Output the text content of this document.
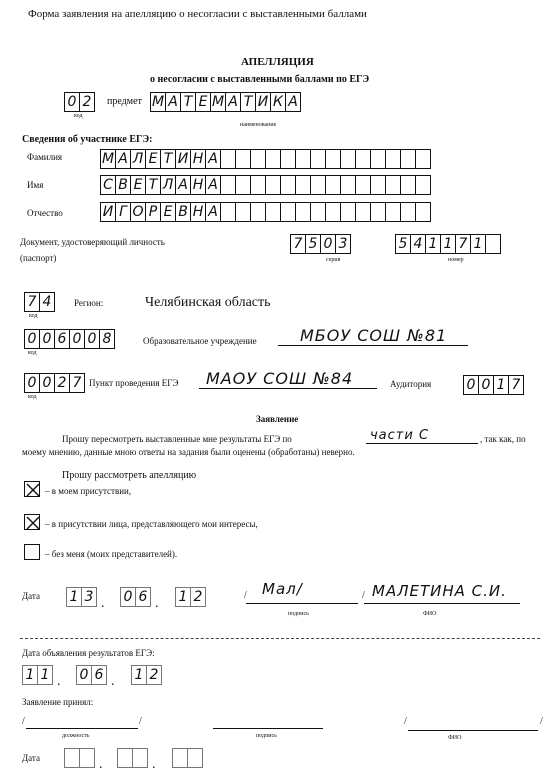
Форма заявления на апелляцию о несогласии с выставленными баллами
АПЕЛЛЯЦИЯ
о несогласии с выставленными баллами по ЕГЭ
0 2
код
предмет М А Т Е М А Т И К А
наименование
Сведения об участнике ЕГЭ:
Фамилия	М А Л Е Т И Н А
Имя	С В Е Т Л А Н А
Отчество	И Г О Р Е В Н А
Документ, удостоверяющий личность
(паспорт)
7 5 0 3
серия
5 4 1 1 7 1
номер
7 4
код
Регион:	Челябинская область
0 0 6 0 0 8
код
Образовательное учреждение	МБОУ СОШ №81
0 0 2 7
код
Пункт проведения ЕГЭ МАОУ СОШ №84	Аудитория	0 0 1 7
Заявление
Прошу пересмотреть выставленные мне результаты ЕГЭ по	части С	, так как, по
моему мнению, данные мною ответы на задания были оценены (обработаны) неверно.
Прошу рассмотреть апелляцию
– в моем присутствии,
– в присутствии лица, представляющего мои интересы,
– без меня (моих представителей).
Дата 1 3 . 0 6 . 1 2	/ Мал/
подпись
/ МАЛЕТИНА С.И.
ФИО
Дата объявления результатов ЕГЭ:
1 1 . 0 6 . 1 2
Заявление принял:
/	/
должность	подпись
/	/
ФИО
Дата	.	.
